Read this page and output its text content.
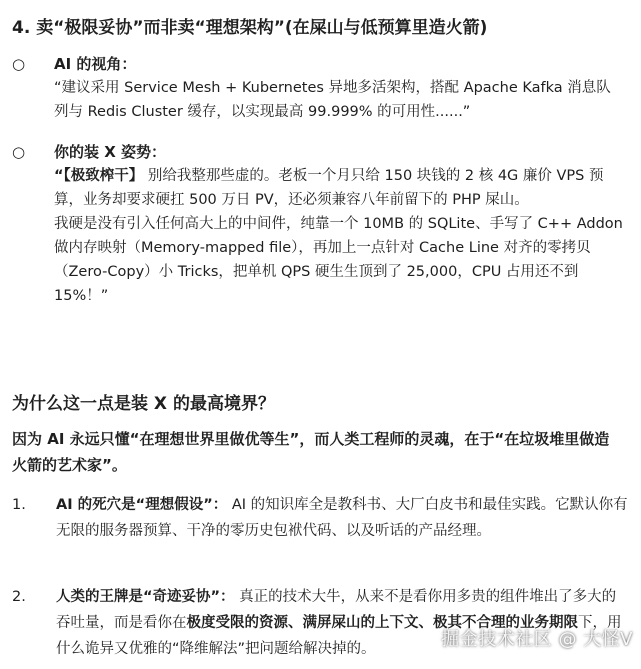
4. 卖“极限妥协”而非卖“理想架构”(在屎山与低预算里造火箭)
○	AI 的视角：

“建议采用 Service Mesh + Kubernetes 异地多活架构，搭配 Apache Kafka 消息队列与 Redis Cluster 缓存，以实现最高 99.999% 的可用性......”

○	你的装 X 姿势：

“【极致榨干】 别给我整那些虚的。老板一个月只给 150 块钱的 2 核 4G 廉价 VPS 预算，业务却要求硬扛 500 万日 PV，还必须兼容八年前留下的 PHP 屎山。

我硬是没有引入任何高大上的中间件，纯靠一个 10MB 的 SQLite、手写了 C++ Addon 做内存映射（Memory-mapped file），再加上一点针对 Cache Line 对齐的零拷贝（Zero-Copy）小 Tricks，把单机 QPS 硬生生顶到了 25,000，CPU 占用还不到 15%！”

为什么这一点是装 X 的最高境界？

因为 AI 永远只懂“在理想世界里做优等生”，而人类工程师的灵魂，在于“在垃圾堆里做造火箭的艺术家”。

1.	AI 的死穴是“理想假设”： AI 的知识库全是教科书、大厂白皮书和最佳实践。它默认你有无限的服务器预算、干净的零历史包袱代码、以及听话的产品经理。

2.	人类的王牌是“奇迹妥协”： 真正的技术大牛，从来不是看你用多贵的组件堆出了多大的吞吐量，而是看你在极度受限的资源、满屏屎山的上下文、极其不合理的业务期限下，用什么诡异又优雅的“降维解法”把问题给解决掉的。	掘金技术社区 @ 大怪V
